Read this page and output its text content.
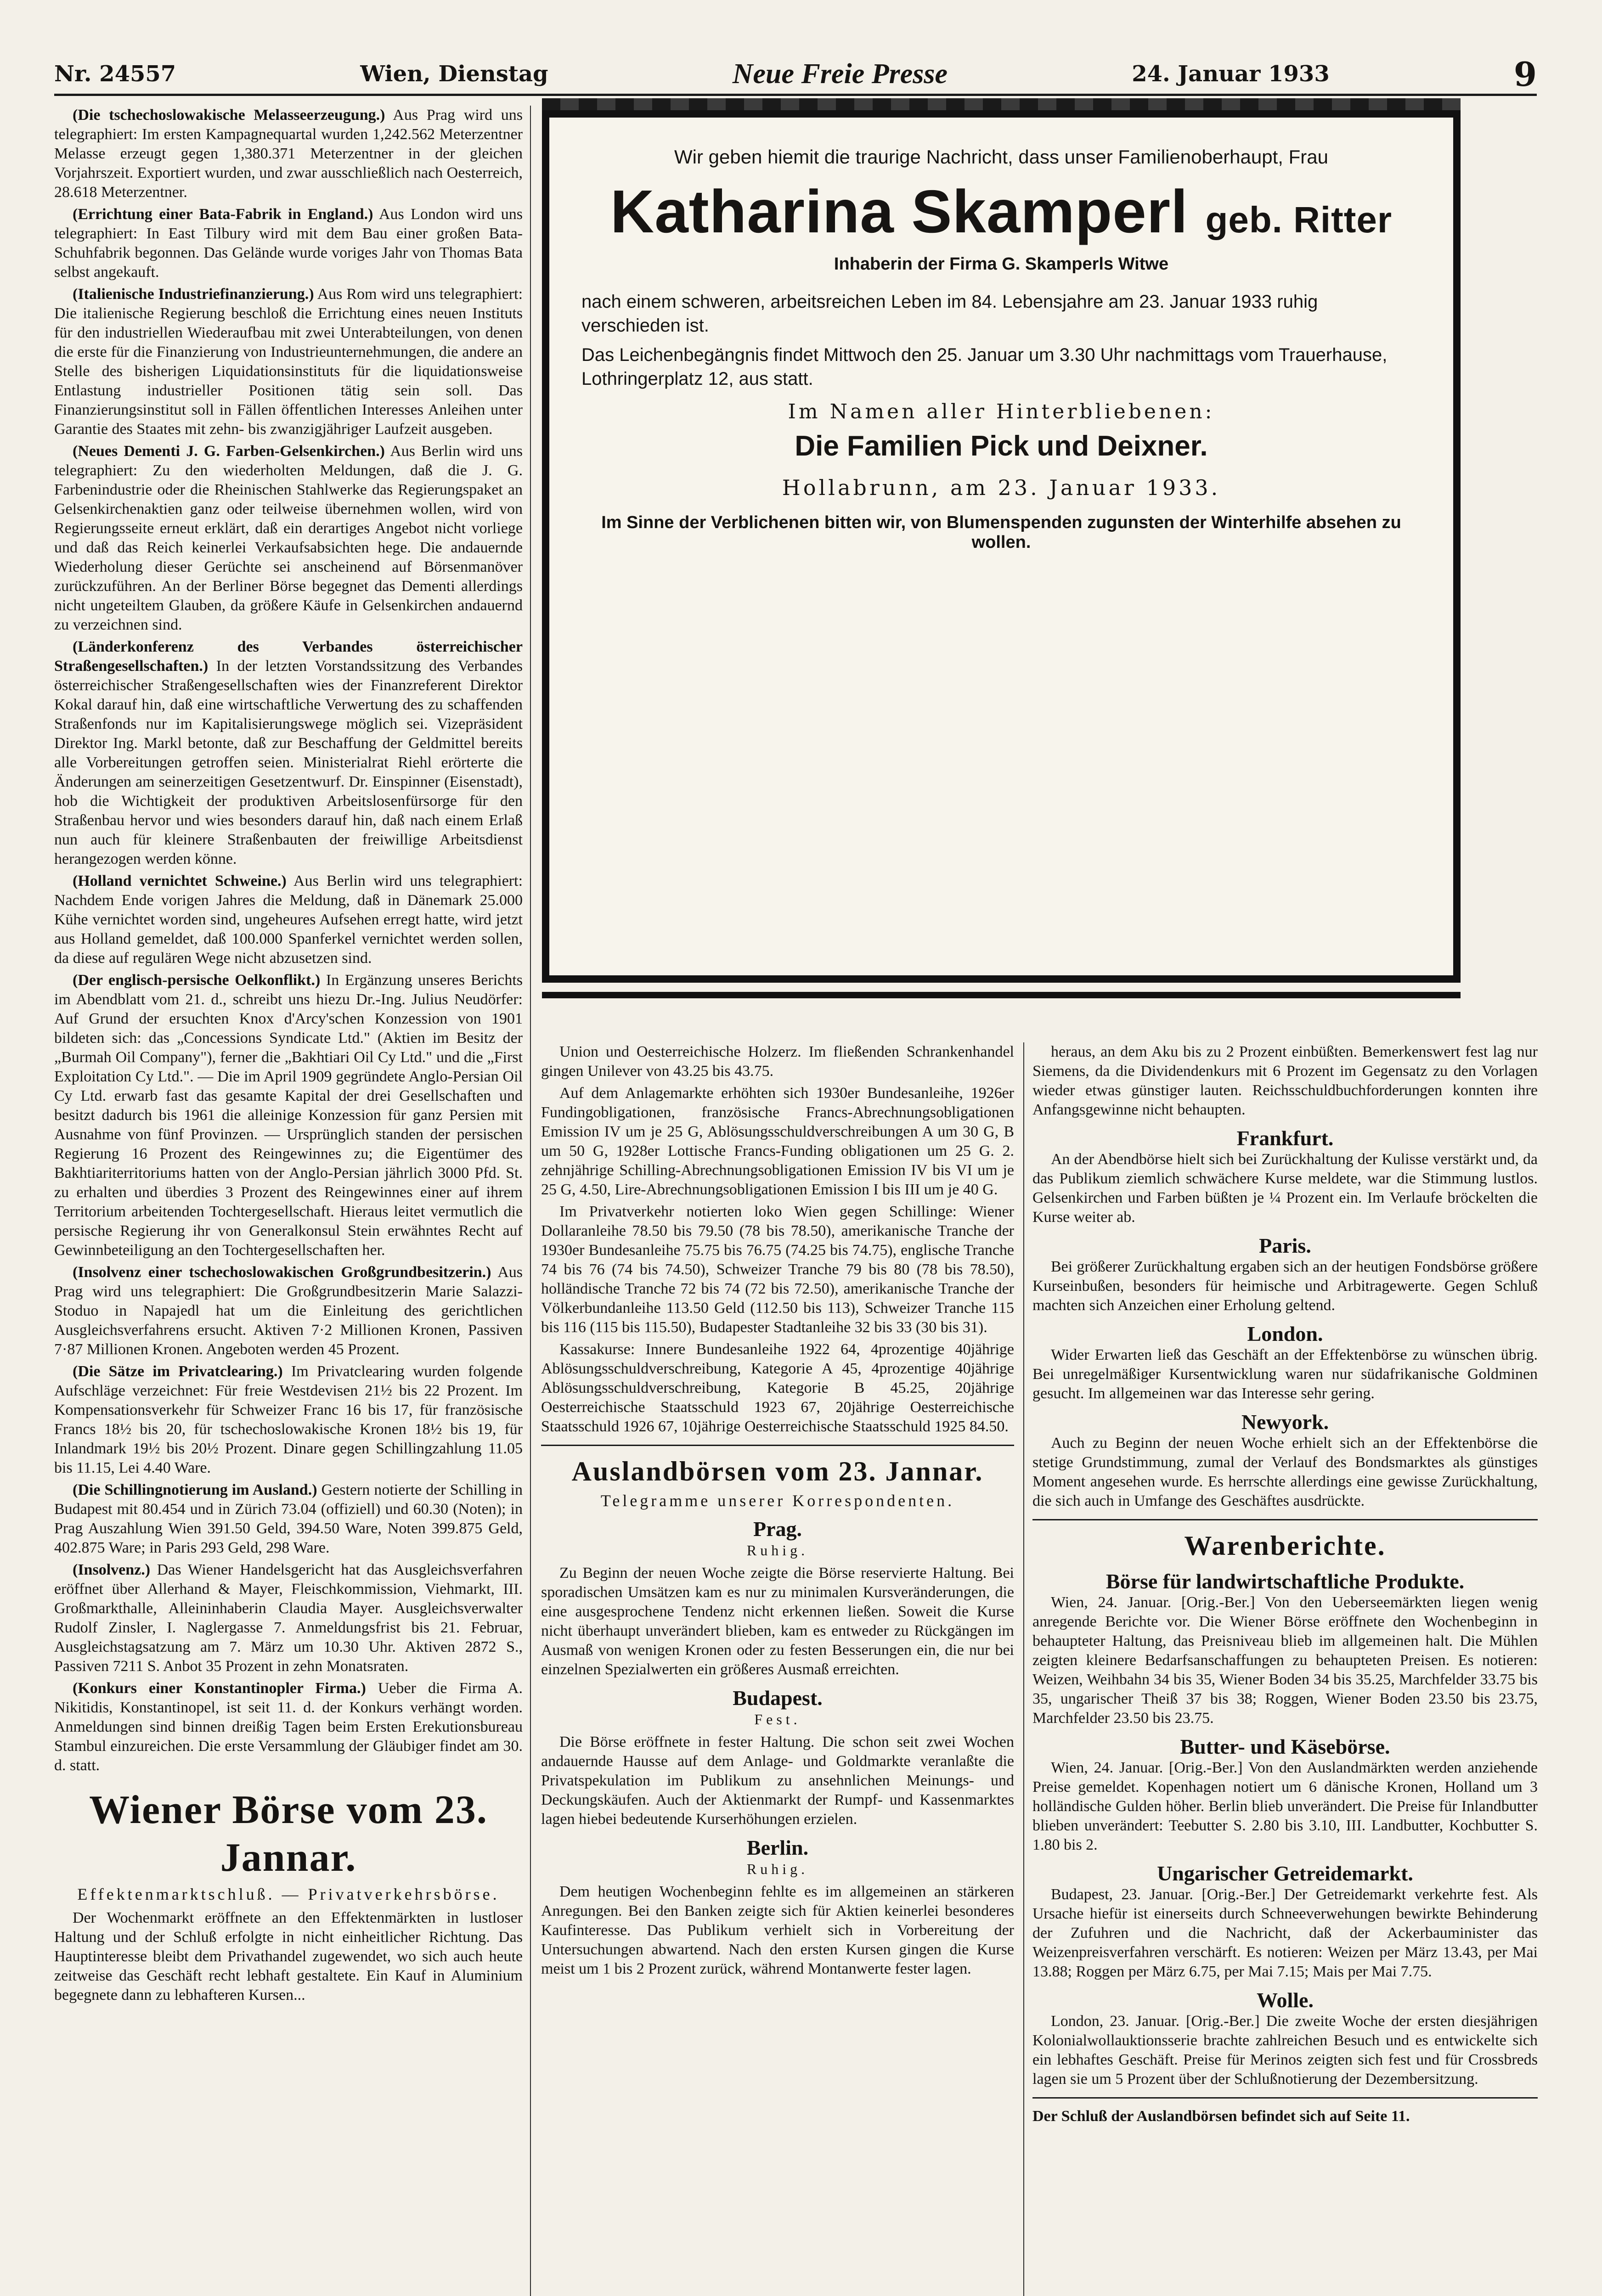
Nr. 24557	Wien, Dienstag	Neue Freie Presse	24. Januar 1933	9

(Die tschechoslowakische Melasseerzeugung.) Aus Prag wird uns telegraphiert: Im ersten Kampagnequartal wurden 1,242.562 Meterzentner Melasse erzeugt gegen 1,380.371 Meterzentner in der gleichen Vorjahrszeit. Exportiert wurden, und zwar ausschließlich nach Oesterreich, 28.618 Meterzentner.

(Errichtung einer Bata-Fabrik in England.) Aus London wird uns telegraphiert: In East Tilbury wird mit dem Bau einer großen Bata-Schuhfabrik begonnen. Das Gelände wurde voriges Jahr von Thomas Bata selbst angekauft.

(Italienische Industriefinanzierung.) Aus Rom wird uns telegraphiert: Die italienische Regierung beschloß die Errichtung eines neuen Instituts für den industriellen Wiederaufbau mit zwei Unterabteilungen, von denen die erste für die Finanzierung von Industrieunternehmungen, die andere an Stelle des bisherigen Liquidationsinstituts für die liquidationsweise Entlastung industrieller Positionen tätig sein soll. Das Finanzierungsinstitut soll in Fällen öffentlichen Interesses Anleihen unter Garantie des Staates mit zehn- bis zwanzigjähriger Laufzeit ausgeben.

(Neues Dementi J. G. Farben-Gelsenkirchen.) Aus Berlin wird uns telegraphiert: Zu den wiederholten Meldungen, daß die J. G. Farbenindustrie oder die Rheinischen Stahlwerke das Regierungspaket an Gelsenkirchenaktien ganz oder teilweise übernehmen wollen, wird von Regierungsseite erneut erklärt, daß ein derartiges Angebot nicht vorliege und daß das Reich keinerlei Verkaufsabsichten hege. Die andauernde Wiederholung dieser Gerüchte sei anscheinend auf Börsenmanöver zurückzuführen. An der Berliner Börse begegnet das Dementi allerdings nicht ungeteiltem Glauben, da größere Käufe in Gelsenkirchen andauernd zu verzeichnen sind.

(Länderkonferenz des Verbandes österreichischer Straßengesellschaften.) In der letzten Vorstandssitzung des Verbandes österreichischer Straßengesellschaften wies der Finanzreferent Direktor Kokal darauf hin, daß eine wirtschaftliche Verwertung des zu schaffenden Straßenfonds nur im Kapitalisierungswege möglich sei. Vizepräsident Direktor Ing. Markl betonte, daß zur Beschaffung der Geldmittel bereits alle Vorbereitungen getroffen seien. Ministerialrat Riehl erörterte die Änderungen am seinerzeitigen Gesetzentwurf. Dr. Einspinner (Eisenstadt), hob die Wichtigkeit der produktiven Arbeitslosenfürsorge für den Straßenbau hervor und wies besonders darauf hin, daß nach einem Erlaß nun auch für kleinere Straßenbauten der freiwillige Arbeitsdienst herangezogen werden könne.

(Holland vernichtet Schweine.) Aus Berlin wird uns telegraphiert: Nachdem Ende vorigen Jahres die Meldung, daß in Dänemark 25.000 Kühe vernichtet worden sind, ungeheures Aufsehen erregt hatte, wird jetzt aus Holland gemeldet, daß 100.000 Spanferkel vernichtet werden sollen, da diese auf regulären Wege nicht abzusetzen sind.

(Der englisch-persische Oelkonflikt.) In Ergänzung unseres Berichts im Abendblatt vom 21. d., schreibt uns hiezu Dr.-Ing. Julius Neudörfer: Auf Grund der ersuchten Knox d'Arcy'schen Konzession von 1901 bildeten sich: das „Concessions Syndicate Ltd." (Aktien im Besitz der „Burmah Oil Company"), ferner die „Bakhtiari Oil Cy Ltd." und die „First Exploitation Cy Ltd.". — Die im April 1909 gegründete Anglo-Persian Oil Cy Ltd. erwarb fast das gesamte Kapital der drei Gesellschaften und besitzt dadurch bis 1961 die alleinige Konzession für ganz Persien mit Ausnahme von fünf Provinzen. — Ursprünglich standen der persischen Regierung 16 Prozent des Reingewinnes zu; die Eigentümer des Bakhtiariterritoriums hatten von der Anglo-Persian jährlich 3000 Pfd. St. zu erhalten und überdies 3 Prozent des Reingewinnes einer auf ihrem Territorium arbeitenden Tochtergesellschaft. Hieraus leitet vermutlich die persische Regierung ihr von Generalkonsul Stein erwähntes Recht auf Gewinnbeteiligung an den Tochtergesellschaften her.

(Insolvenz einer tschechoslowakischen Großgrundbesitzerin.) Aus Prag wird uns telegraphiert: Die Großgrundbesitzerin Marie Salazzi-Stoduo in Napajedl hat um die Einleitung des gerichtlichen Ausgleichsverfahrens ersucht. Aktiven 7·2 Millionen Kronen, Passiven 7·87 Millionen Kronen. Angeboten werden 45 Prozent.

(Die Sätze im Privatclearing.) Im Privatclearing wurden folgende Aufschläge verzeichnet: Für freie Westdevisen 21½ bis 22 Prozent. Im Kompensationsverkehr für Schweizer Franc 16 bis 17, für französische Francs 18½ bis 20, für tschechoslowakische Kronen 18½ bis 19, für Inlandmark 19½ bis 20½ Prozent. Dinare gegen Schillingzahlung 11.05 bis 11.15, Lei 4.40 Ware.

(Die Schillingnotierung im Ausland.) Gestern notierte der Schilling in Budapest mit 80.454 und in Zürich 73.04 (offiziell) und 60.30 (Noten); in Prag Auszahlung Wien 391.50 Geld, 394.50 Ware, Noten 399.875 Geld, 402.875 Ware; in Paris 293 Geld, 298 Ware.

(Insolvenz.) Das Wiener Handelsgericht hat das Ausgleichsverfahren eröffnet über Allerhand & Mayer, Fleischkommission, Viehmarkt, III. Großmarkthalle, Alleininhaberin Claudia Mayer. Ausgleichsverwalter Rudolf Zinsler, I. Naglergasse 7. Anmeldungsfrist bis 21. Februar, Ausgleichstagsatzung am 7. März um 10.30 Uhr. Aktiven 2872 S., Passiven 7211 S. Anbot 35 Prozent in zehn Monatsraten.

(Konkurs einer Konstantinopler Firma.) Ueber die Firma A. Nikitidis, Konstantinopel, ist seit 11. d. der Konkurs verhängt worden. Anmeldungen sind binnen dreißig Tagen beim Ersten Erekutionsbureau Stambul einzureichen. Die erste Versammlung der Gläubiger findet am 30. d. statt.

Wiener Börse vom 23. Jannar.
Effektenmarktschluß. — Privatverkehrsbörse.

Der Wochenmarkt eröffnete an den Effektenmärkten in lustloser Haltung und der Schluß erfolgte in nicht einheitlicher Richtung. Das Hauptinteresse bleibt dem Privathandel zugewendet, wo sich auch heute zeitweise das Geschäft recht lebhaft gestaltete. Ein Kauf in Aluminium begegnete dann zu lebhafteren Kursen...

Wir geben hiemit die traurige Nachricht, dass unser Familienoberhaupt, Frau
Katharina Skamperl geb. Ritter
Inhaberin der Firma G. Skamperls Witwe
nach einem schweren, arbeitsreichen Leben im 84. Lebensjahre am 23. Januar 1933 ruhig verschieden ist.
Das Leichenbegängnis findet Mittwoch den 25. Januar um 3.30 Uhr nachmittags vom Trauerhause, Lothringerplatz 12, aus statt.
Im Namen aller Hinterbliebenen:
Die Familien Pick und Deixner.
Hollabrunn, am 23. Januar 1933.
Im Sinne der Verblichenen bitten wir, von Blumenspenden zugunsten der Winterhilfe absehen zu wollen.

Union und Oesterreichische Holzerz. Im fließenden Schrankenhandel gingen Unilever von 43.25 bis 43.75.

Auf dem Anlagemarkte erhöhten sich 1930er Bundesanleihe, 1926er Fundingobligationen, französische Francs-Abrechnungsobligationen Emission IV um je 25 G, Ablösungsschuldverschreibungen A um 30 G, B um 50 G, 1928er Lottische Francs-Funding obligationen um 25 G. 2. zehnjährige Schilling-Abrechnungsobligationen Emission IV bis VI um je 25 G, 4.50, Lire-Abrechnungsobligationen Emission I bis III um je 40 G.

Im Privatverkehr notierten loko Wien gegen Schillinge: Wiener Dollaranleihe 78.50 bis 79.50 (78 bis 78.50), amerikanische Tranche der 1930er Bundesanleihe 75.75 bis 76.75 (74.25 bis 74.75), englische Tranche 74 bis 76 (74 bis 74.50), Schweizer Tranche 79 bis 80 (78 bis 78.50), holländische Tranche 72 bis 74 (72 bis 72.50), amerikanische Tranche der Völkerbundanleihe 113.50 Geld (112.50 bis 113), Schweizer Tranche 115 bis 116 (115 bis 115.50), Budapester Stadtanleihe 32 bis 33 (30 bis 31).

Kassakurse: Innere Bundesanleihe 1922 64, 4prozentige 40jährige Ablösungsschuldverschreibung, Kategorie A 45, 4prozentige 40jährige Ablösungsschuldverschreibung, Kategorie B 45.25, 20jährige Oesterreichische Staatsschuld 1923 67, 20jährige Oesterreichische Staatsschuld 1926 67, 10jährige Oesterreichische Staatsschuld 1925 84.50.

Auslandbörsen vom 23. Jannar.
Telegramme unserer Korrespondenten.
Prag.
Ruhig.

Zu Beginn der neuen Woche zeigte die Börse reservierte Haltung. Bei sporadischen Umsätzen kam es nur zu minimalen Kursveränderungen, die eine ausgesprochene Tendenz nicht erkennen ließen. Soweit die Kurse nicht überhaupt unverändert blieben, kam es entweder zu Rückgängen im Ausmaß von wenigen Kronen oder zu festen Besserungen ein, die nur bei einzelnen Spezialwerten ein größeres Ausmaß erreichten.

Budapest.
Fest.

Die Börse eröffnete in fester Haltung. Die schon seit zwei Wochen andauernde Hausse auf dem Anlage- und Goldmarkte veranlaßte die Privatspekulation im Publikum zu ansehnlichen Meinungs- und Deckungskäufen. Auch der Aktienmarkt der Rumpf- und Kassenmarktes lagen hiebei bedeutende Kurserhöhungen erzielen.

Berlin.
Ruhig.

Dem heutigen Wochenbeginn fehlte es im allgemeinen an stärkeren Anregungen. Bei den Banken zeigte sich für Aktien keinerlei besonderes Kaufinteresse. Das Publikum verhielt sich in Vorbereitung der Untersuchungen abwartend. Nach den ersten Kursen gingen die Kurse meist um 1 bis 2 Prozent zurück, während Montanwerte fester lagen.

heraus, an dem Aku bis zu 2 Prozent einbüßten. Bemerkenswert fest lag nur Siemens, da die Dividendenkurs mit 6 Prozent im Gegensatz zu den Vorlagen wieder etwas günstiger lauten. Reichsschuldbuchforderungen konnten ihre Anfangsgewinne nicht behaupten.

Frankfurt.

An der Abendbörse hielt sich bei Zurückhaltung der Kulisse verstärkt und, da das Publikum ziemlich schwächere Kurse meldete, war die Stimmung lustlos. Gelsenkirchen und Farben büßten je ¼ Prozent ein. Im Verlaufe bröckelten die Kurse weiter ab.

Paris.

Bei größerer Zurückhaltung ergaben sich an der heutigen Fondsbörse größere Kurseinbußen, besonders für heimische und Arbitragewerte. Gegen Schluß machten sich Anzeichen einer Erholung geltend.

London.

Wider Erwarten ließ das Geschäft an der Effektenbörse zu wünschen übrig. Bei unregelmäßiger Kursentwicklung waren nur südafrikanische Goldminen gesucht. Im allgemeinen war das Interesse sehr gering.

Newyork.

Auch zu Beginn der neuen Woche erhielt sich an der Effektenbörse die stetige Grundstimmung, zumal der Verlauf des Bondsmarktes als günstiges Moment angesehen wurde. Es herrschte allerdings eine gewisse Zurückhaltung, die sich auch in Umfange des Geschäftes ausdrückte.

Warenberichte.
Börse für landwirtschaftliche Produkte.

Wien, 24. Januar. [Orig.-Ber.] Von den Ueberseemärkten liegen wenig anregende Berichte vor. Die Wiener Börse eröffnete den Wochenbeginn in behaupteter Haltung, das Preisniveau blieb im allgemeinen halt. Die Mühlen zeigten kleinere Bedarfsanschaffungen zu behaupteten Preisen. Es notieren: Weizen, Weihbahn 34 bis 35, Wiener Boden 34 bis 35.25, Marchfelder 33.75 bis 35, ungarischer Theiß 37 bis 38; Roggen, Wiener Boden 23.50 bis 23.75, Marchfelder 23.50 bis 23.75.

Butter- und Käsebörse.

Wien, 24. Januar. [Orig.-Ber.] Von den Auslandmärkten werden anziehende Preise gemeldet. Kopenhagen notiert um 6 dänische Kronen, Holland um 3 holländische Gulden höher. Berlin blieb unverändert. Die Preise für Inlandbutter blieben unverändert: Teebutter S. 2.80 bis 3.10, III. Landbutter, Kochbutter S. 1.80 bis 2.

Ungarischer Getreidemarkt.

Budapest, 23. Januar. [Orig.-Ber.] Der Getreidemarkt verkehrte fest. Als Ursache hiefür ist einerseits durch Schneeverwehungen bewirkte Behinderung der Zufuhren und die Nachricht, daß der Ackerbauminister das Weizenpreisverfahren verschärft. Es notieren: Weizen per März 13.43, per Mai 13.88; Roggen per März 6.75, per Mai 7.15; Mais per Mai 7.75.

Wolle.

London, 23. Januar. [Orig.-Ber.] Die zweite Woche der ersten diesjährigen Kolonialwollauktionsserie brachte zahlreichen Besuch und es entwickelte sich ein lebhaftes Geschäft. Preise für Merinos zeigten sich fest und für Crossbreds lagen sie um 5 Prozent über der Schlußnotierung der Dezembersitzung.

Der Schluß der Auslandbörsen befindet sich auf Seite 11.
